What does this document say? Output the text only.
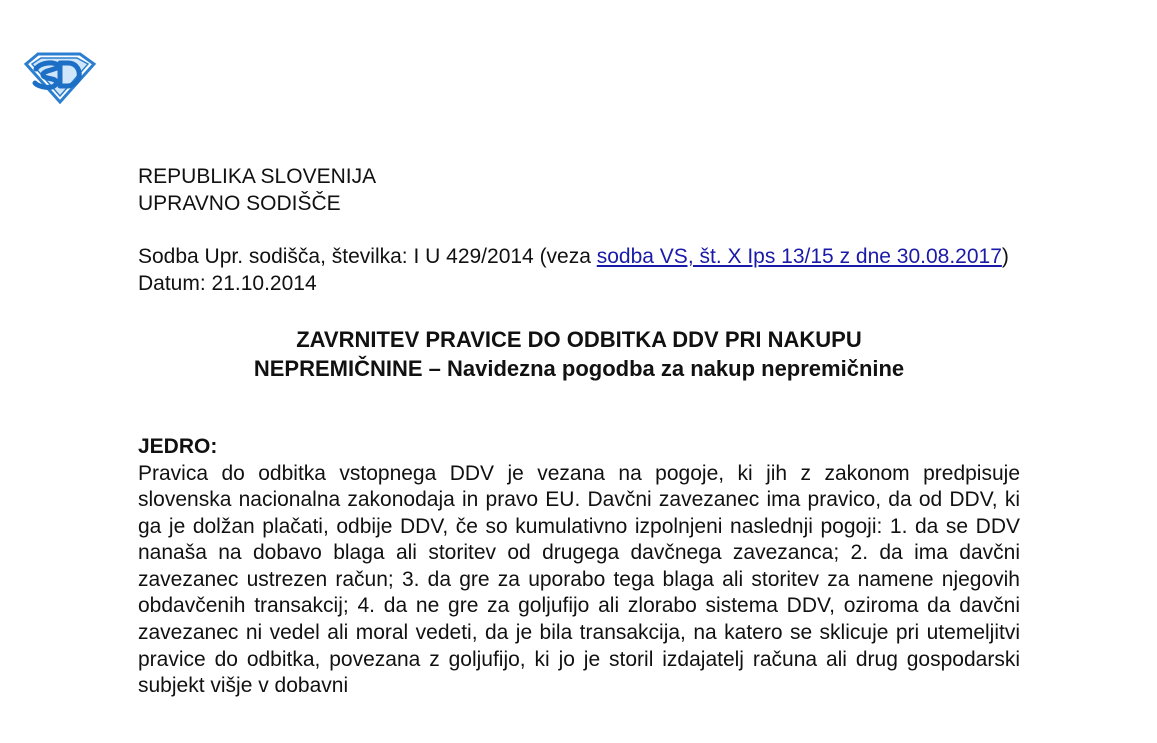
REPUBLIKA SLOVENIJA
UPRAVNO SODIŠČE
Sodba Upr. sodišča, številka: I U 429/2014 (veza sodba VS, št. X Ips 13/15 z dne 30.08.2017)
Datum: 21.10.2014
ZAVRNITEV PRAVICE DO ODBITKA DDV PRI NAKUPU
NEPREMIČNINE – Navidezna pogodba za nakup nepremičnine
JEDRO:
Pravica do odbitka vstopnega DDV je vezana na pogoje, ki jih z zakonom predpisuje slovenska nacionalna zakonodaja in pravo EU. Davčni zavezanec ima pravico, da od DDV, ki ga je dolžan plačati, odbije DDV, če so kumulativno izpolnjeni naslednji pogoji: 1. da se DDV nanaša na dobavo blaga ali storitev od drugega davčnega zavezanca; 2. da ima davčni zavezanec ustrezen račun; 3. da gre za uporabo tega blaga ali storitev za namene njegovih obdavčenih transakcij; 4. da ne gre za goljufijo ali zlorabo sistema DDV, oziroma da davčni zavezanec ni vedel ali moral vedeti, da je bila transakcija, na katero se sklicuje pri utemeljitvi pravice do odbitka, povezana z goljufijo, ki jo je storil izdajatelj računa ali drug gospodarski subjekt višje v dobavni
